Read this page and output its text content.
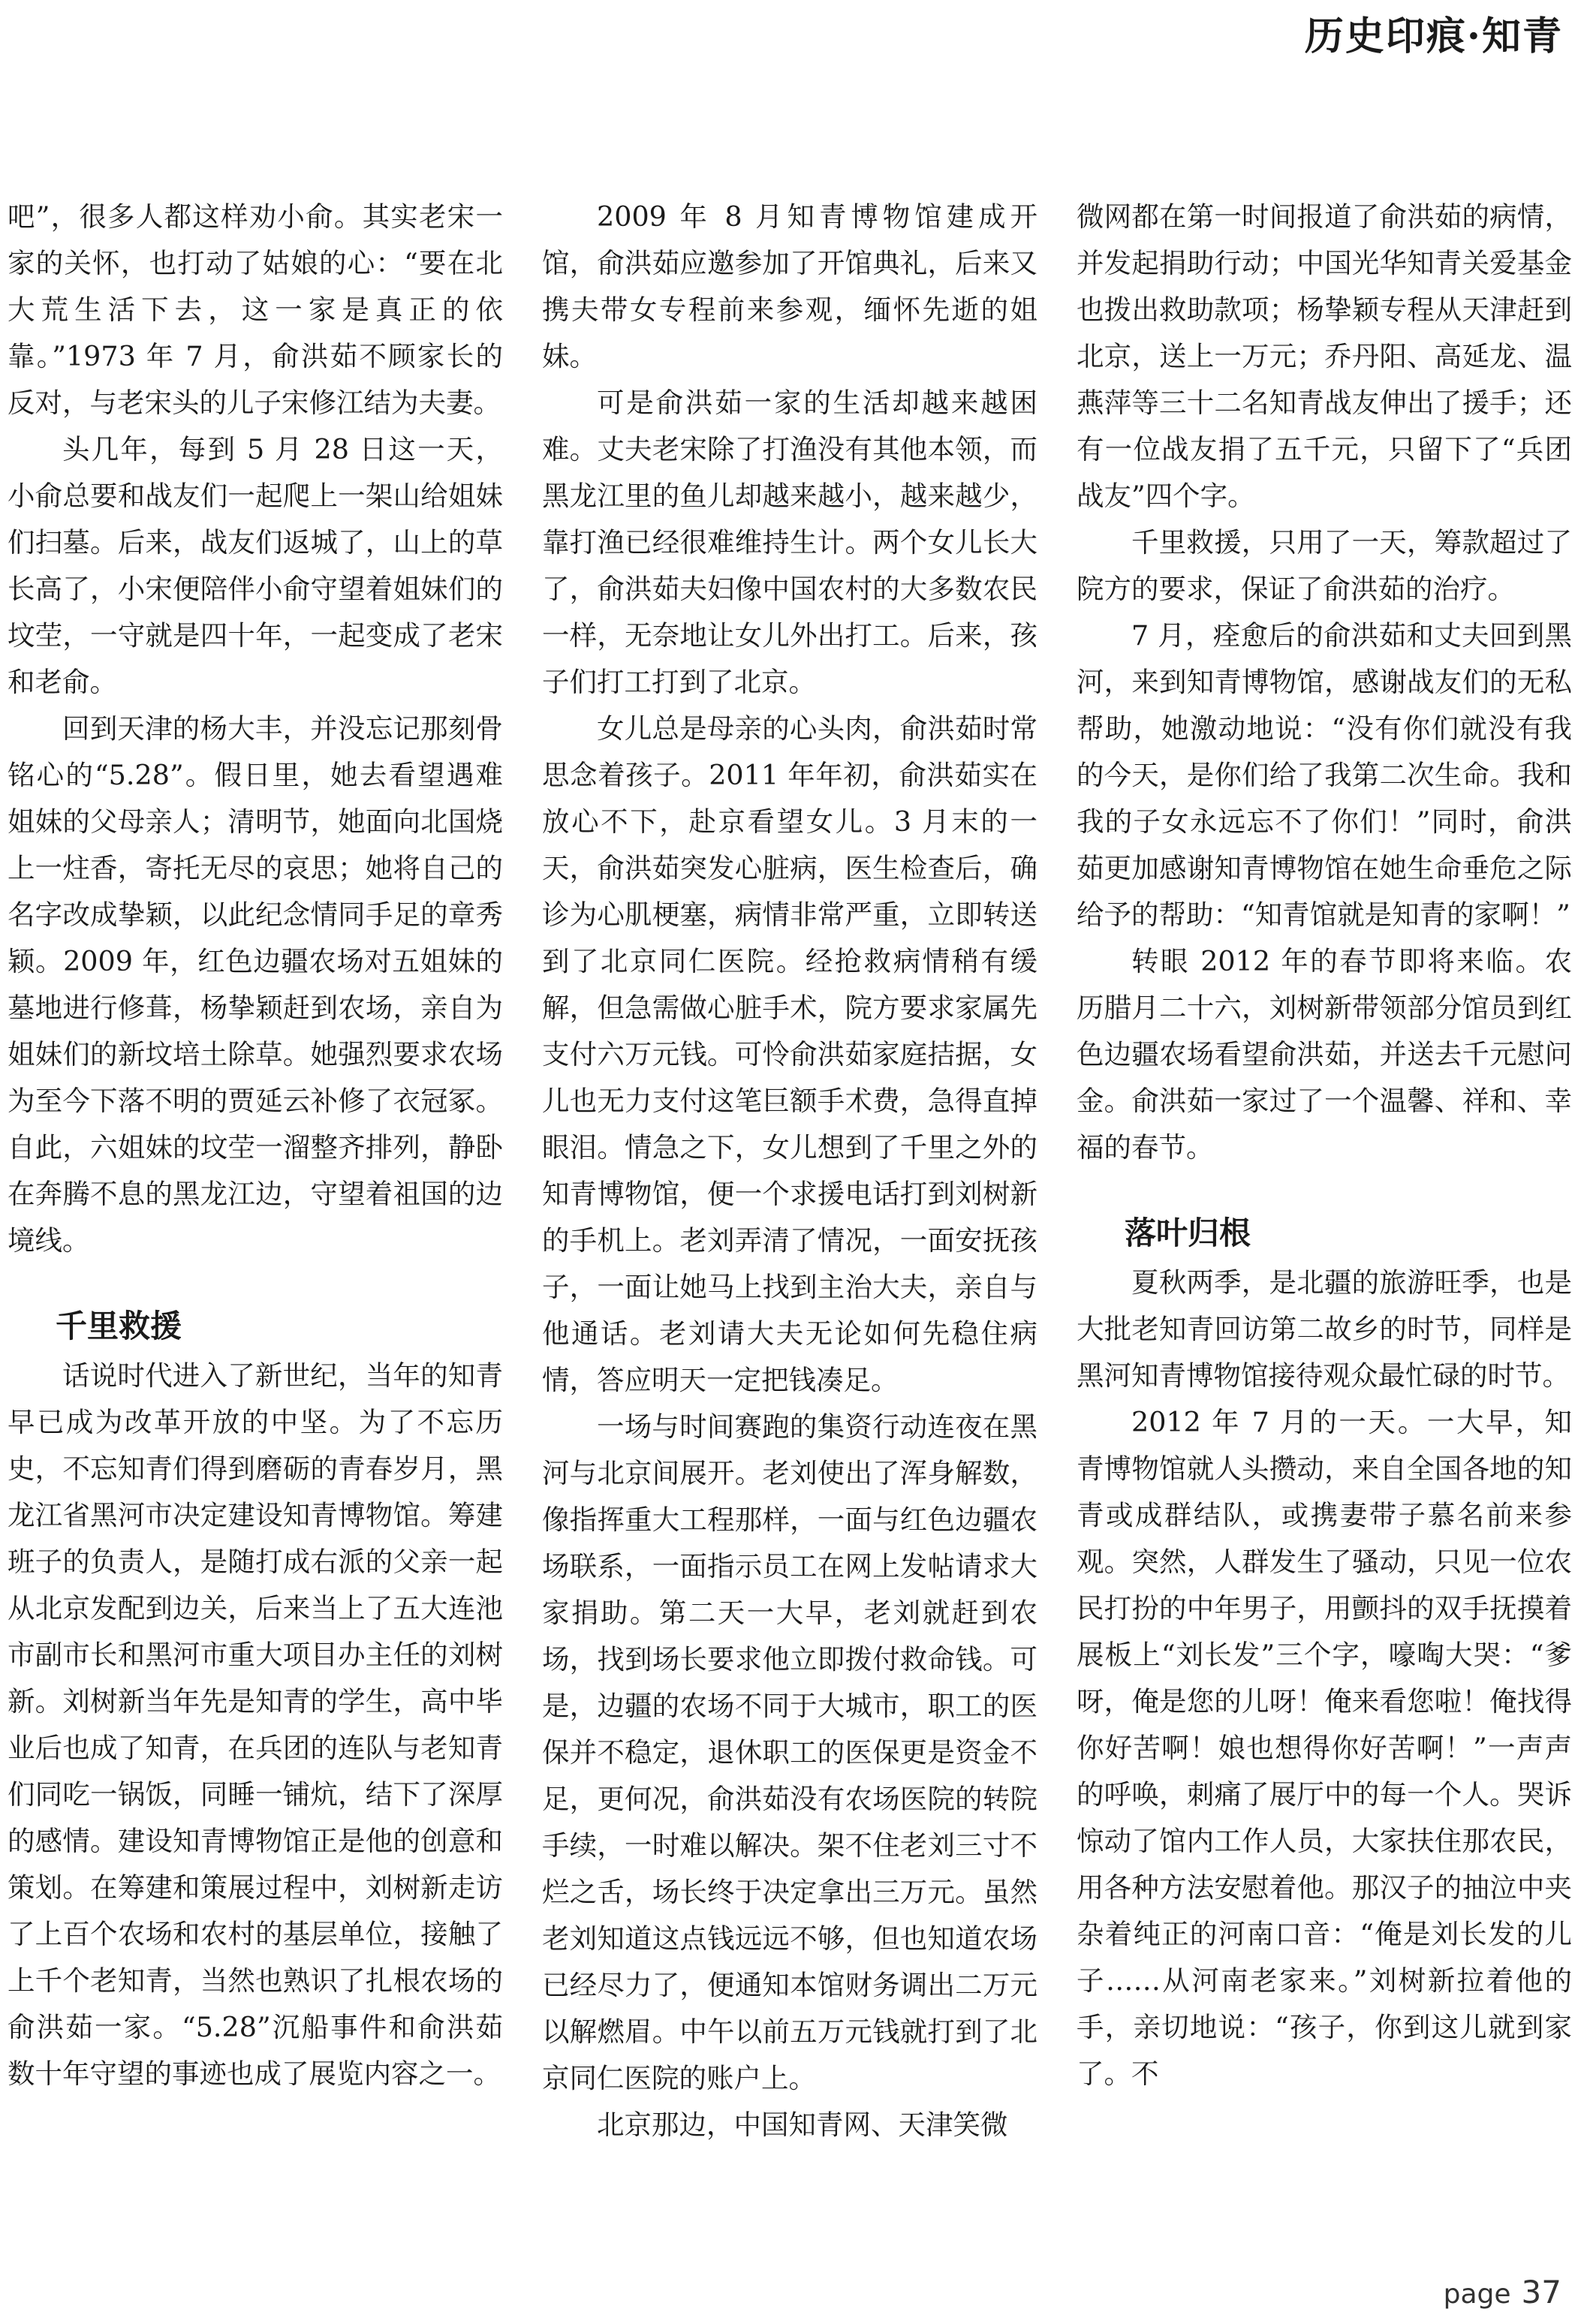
历史印痕·知青

吧”，很多人都这样劝小俞。其实老宋一家的关怀，也打动了姑娘的心：“要在北大荒生活下去，这一家是真正的依靠。”1973 年 7 月，俞洪茹不顾家长的反对，与老宋头的儿子宋修江结为夫妻。

头几年，每到 5 月 28 日这一天，小俞总要和战友们一起爬上一架山给姐妹们扫墓。后来，战友们返城了，山上的草长高了，小宋便陪伴小俞守望着姐妹们的坟茔，一守就是四十年，一起变成了老宋和老俞。

回到天津的杨大丰，并没忘记那刻骨铭心的“5.28”。假日里，她去看望遇难姐妹的父母亲人；清明节，她面向北国烧上一炷香，寄托无尽的哀思；她将自己的名字改成挚颖，以此纪念情同手足的章秀颖。2009 年，红色边疆农场对五姐妹的墓地进行修葺，杨挚颖赶到农场，亲自为姐妹们的新坟培土除草。她强烈要求农场为至今下落不明的贾延云补修了衣冠冢。自此，六姐妹的坟茔一溜整齐排列，静卧在奔腾不息的黑龙江边，守望着祖国的边境线。

千里救援

话说时代进入了新世纪，当年的知青早已成为改革开放的中坚。为了不忘历史，不忘知青们得到磨砺的青春岁月，黑龙江省黑河市决定建设知青博物馆。筹建班子的负责人，是随打成右派的父亲一起从北京发配到边关，后来当上了五大连池市副市长和黑河市重大项目办主任的刘树新。刘树新当年先是知青的学生，高中毕业后也成了知青，在兵团的连队与老知青们同吃一锅饭，同睡一铺炕，结下了深厚的感情。建设知青博物馆正是他的创意和策划。在筹建和策展过程中，刘树新走访了上百个农场和农村的基层单位，接触了上千个老知青，当然也熟识了扎根农场的俞洪茹一家。“5.28”沉船事件和俞洪茹数十年守望的事迹也成了展览内容之一。

2009 年 8 月知青博物馆建成开馆，俞洪茹应邀参加了开馆典礼，后来又携夫带女专程前来参观，缅怀先逝的姐妹。

可是俞洪茹一家的生活却越来越困难。丈夫老宋除了打渔没有其他本领，而黑龙江里的鱼儿却越来越小，越来越少，靠打渔已经很难维持生计。两个女儿长大了，俞洪茹夫妇像中国农村的大多数农民一样，无奈地让女儿外出打工。后来，孩子们打工打到了北京。

女儿总是母亲的心头肉，俞洪茹时常思念着孩子。2011 年年初，俞洪茹实在放心不下，赴京看望女儿。3 月末的一天，俞洪茹突发心脏病，医生检查后，确诊为心肌梗塞，病情非常严重，立即转送到了北京同仁医院。经抢救病情稍有缓解，但急需做心脏手术，院方要求家属先支付六万元钱。可怜俞洪茹家庭拮据，女儿也无力支付这笔巨额手术费，急得直掉眼泪。情急之下，女儿想到了千里之外的知青博物馆，便一个求援电话打到刘树新的手机上。老刘弄清了情况，一面安抚孩子，一面让她马上找到主治大夫，亲自与他通话。老刘请大夫无论如何先稳住病情，答应明天一定把钱凑足。

一场与时间赛跑的集资行动连夜在黑河与北京间展开。老刘使出了浑身解数，像指挥重大工程那样，一面与红色边疆农场联系，一面指示员工在网上发帖请求大家捐助。第二天一大早，老刘就赶到农场，找到场长要求他立即拨付救命钱。可是，边疆的农场不同于大城市，职工的医保并不稳定，退休职工的医保更是资金不足，更何况，俞洪茹没有农场医院的转院手续，一时难以解决。架不住老刘三寸不烂之舌，场长终于决定拿出三万元。虽然老刘知道这点钱远远不够，但也知道农场已经尽力了，便通知本馆财务调出二万元以解燃眉。中午以前五万元钱就打到了北京同仁医院的账户上。

北京那边，中国知青网、天津笑微

微网都在第一时间报道了俞洪茹的病情，并发起捐助行动；中国光华知青关爱基金也拨出救助款项；杨挚颖专程从天津赶到北京，送上一万元；乔丹阳、高延龙、温燕萍等三十二名知青战友伸出了援手；还有一位战友捐了五千元，只留下了“兵团战友”四个字。

千里救援，只用了一天，筹款超过了院方的要求，保证了俞洪茹的治疗。

7 月，痊愈后的俞洪茹和丈夫回到黑河，来到知青博物馆，感谢战友们的无私帮助，她激动地说：“没有你们就没有我的今天，是你们给了我第二次生命。我和我的子女永远忘不了你们！”同时，俞洪茹更加感谢知青博物馆在她生命垂危之际给予的帮助：“知青馆就是知青的家啊！”

转眼 2012 年的春节即将来临。农历腊月二十六，刘树新带领部分馆员到红色边疆农场看望俞洪茹，并送去千元慰问金。俞洪茹一家过了一个温馨、祥和、幸福的春节。

落叶归根

夏秋两季，是北疆的旅游旺季，也是大批老知青回访第二故乡的时节，同样是黑河知青博物馆接待观众最忙碌的时节。

2012 年 7 月的一天。一大早，知青博物馆就人头攒动，来自全国各地的知青或成群结队，或携妻带子慕名前来参观。突然，人群发生了骚动，只见一位农民打扮的中年男子，用颤抖的双手抚摸着展板上“刘长发”三个字，嚎啕大哭：“爹呀，俺是您的儿呀！俺来看您啦！俺找得你好苦啊！娘也想得你好苦啊！”一声声的呼唤，刺痛了展厅中的每一个人。哭诉惊动了馆内工作人员，大家扶住那农民，用各种方法安慰着他。那汉子的抽泣中夹杂着纯正的河南口音：“俺是刘长发的儿子……从河南老家来。”刘树新拉着他的手，亲切地说：“孩子，你到这儿就到家了。不

page 37
